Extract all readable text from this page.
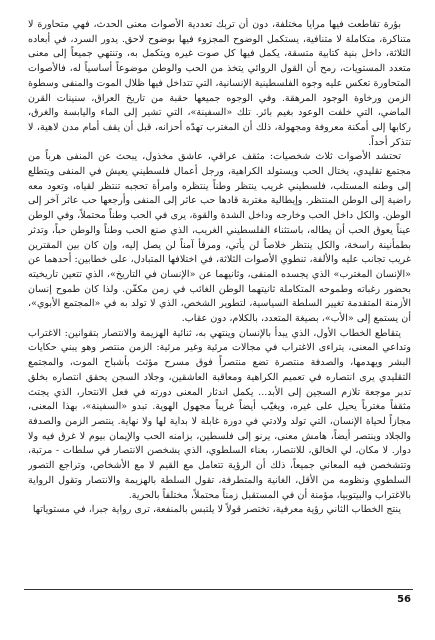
بؤرة تقاطعت فيها مرايا مختلفة، دون أن تربك تعددية الأصوات معنى الحدث، فهي متحاورة لا متناكرة، متكاملة لا متنافية، يستكمل الوضوح المجزوء فيها بوضوح لاحق. يدور السرد، في أبعاده الثلاثة، داخل بنية كتابية متسقة، يكمل فيها كل صوت غيره ويتكمل به، وتنتهي جميعاً إلى معنى متعدد المستويات، رمح أن القول الروائي يتخذ من الحب والوطن موضوعاً أساسياً له، فالأصوات المتحاورة تعكس عليه وجوه الفلسطينية الإنسانية، التي تتداخل فيها ظلال الموت والمنفى وسطوة الزمن ورخاوة الوجود المرهقة. وفي الوجوه جميعها حقبة من تاريخ العراق، سنينات القرن الماضي، التي خلفت الوعود بغيم بائر. تلك «السفينة»، التي تشير إلى الماء واليابسة والغرق، ركابها إلى أمكنة معروفة ومجهولة، ذلك أن المغترب تهدّه أحزانه، قبل أن يقف أمام مدن لاهية، لا تتذكر أحداً.

تحتشد الأصوات ثلاث شخصيات: مثقف عراقي، عاشق مخذول، يبحث عن المنفى هرباً من مجتمع تقليدي، يختال الحب ويستولد الكراهية، ورجل أعمال فلسطيني يعيش في المنفى ويتطلع إلى وطنه المستلب، فلسطيني غريب ينتظر وطناً ينتظره وامرأة تحجبه تنتظر لقياه، وتعود معه راضية إلى الوطن المنتظر. وإيطالية مغتربة قادها حب عاثر إلى المنفى وأرجعها حب عاثر آخر إلى الوطن. والكل داخل الحب وخارجه وداخل الشدة والقوة، يرى في الحب وطناً محتملاً، وفي الوطن عيناً يعوق الحب أن يطاله، باستثناء الفلسطيني الغريب، الذي صنع الحب وطناً والوطن حباً، وتدثر بطمأنينة راسخة، والكل ينتظر خلاصاً لن يأتي، ومرفأ آمناً لن يصل إليه، وإن كان بين المقترين غريب تجانب عليه والألفة، تنطوي الأصوات الثلاثة، في اختلافها المتبادل، على خطابين: أحدهما عن «الإنسان المغترب» الذي يجسده المنفى، وثانيهما عن «الإنسان في التاريخ»، الذي تتعين تاريخيته بحضور رغباته وطموحه المتكاملة ثانيتهما الوطن الغائب في زمن مكفّن. ولذا كان طموح إنسان الأزمنة المتقدمة تغيير السلطة السياسية، لتطوير الشخص، الذي لا تولد به في «المجتمع الأبوي»، أن يستمع إلى «الأب»، بصيغة المتعدد، بالكلام، دون عقاب.

يتقاطع الخطاب الأول، الذي يبدأ بالإنسان وينتهي به، ثنائية الهزيمة والانتصار بتقوانين: الاغتراب وتداعي المعنى، يتراءى الاغتراب في مجالات مرئية وغير مرئية: الزمن منتصر وهو يبني حكايات البشر ويهدمها، والصدفة منتصرة تضع منتصراً فوق مسرح مؤثث بأشباح الموت، والمجتمع التقليدي يرى انتصاره في تعميم الكراهية ومعاقبة العاشقين، وجلاد السجن يحقق انتصاره بخلق تدبر موجعة تلازم السجين إلى الأبد... يكمل اندثار المعنى دورته في فعل الانتحار، الذي يجتث مثقفاً مغترباً يحيل على غيره، ويغيّب أيضاً غريباً مجهول الهوية. تبدو «السفينة»، بهذا المعنى، مجازاً لحياة الإنسان، التي تولد ولادتي في دورة غابلة لا بداية لها ولا نهاية. ينتصر الزمن والصدفة والجلاد وينتصر أيضاً، هامش معنى، يرنو إلى فلسطين، بزامنه الحب والإيمان بيوم لا غرق فيه ولا دوار. لا مكان، لي الخالق، للانتصار، بعناء السلطوي، الذي يشخصن الانتصار في سلطات - مرتبة، وتتشخصن فيه المعاني جميعاً، ذلك أن الرؤية تتعامل مع القيم لا مع الأشخاص، وتراجع التصور السلطوي ونظومه من الأقل، الغانية والمتطرفة، تقول السلطة بالهزيمة والانتصار وتقول الرواية بالاغتراب والبيتوبيا، مؤمنة أن في المستقبل زمناً محتملاً، مختلفاً بالحرية.

ينتج الخطاب الثاني رؤية معرفية، تختصر قولاً لا يلتبس بالمنفعة، ترى رواية جبرا، في مستوياتها

56
